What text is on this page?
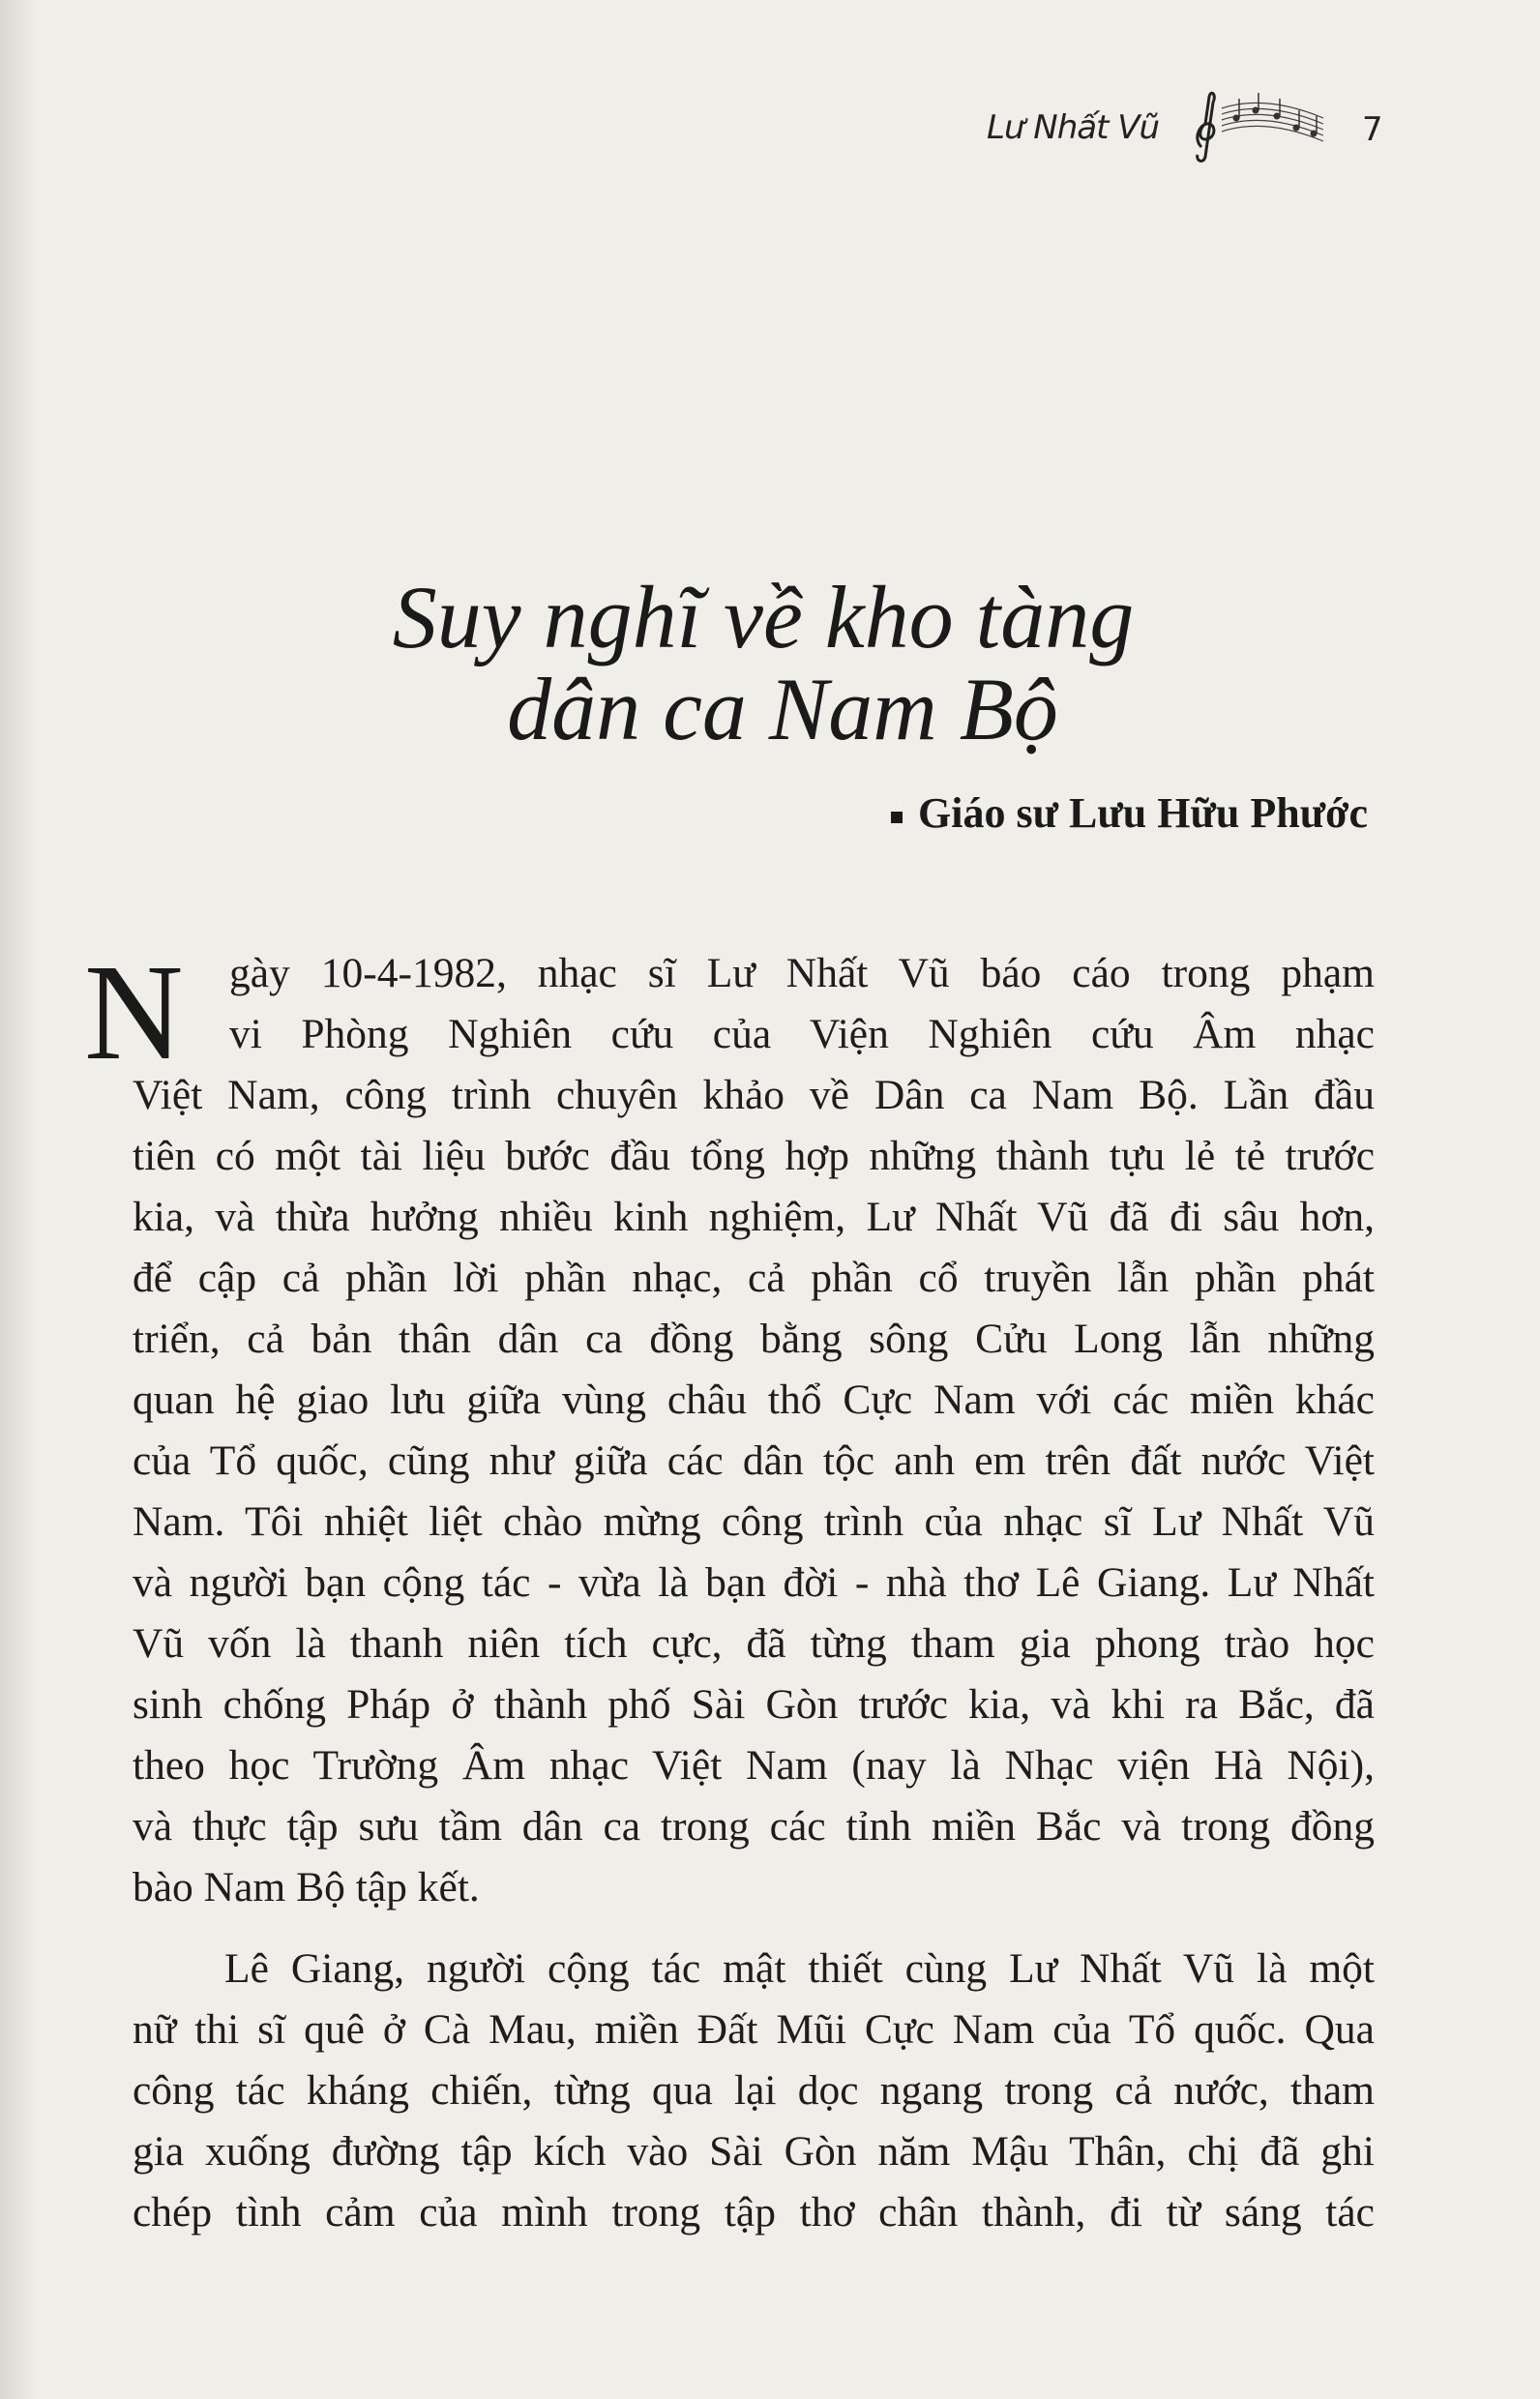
Lư Nhất Vũ	7
Suy nghĩ về kho tàng
dân ca Nam Bộ
Giáo sư Lưu Hữu Phước
N	gày 10-4-1982, nhạc sĩ Lư Nhất Vũ báo cáo trong phạm
vi Phòng Nghiên cứu của Viện Nghiên cứu Âm nhạc
Việt Nam, công trình chuyên khảo về Dân ca Nam Bộ. Lần đầu
tiên có một tài liệu bước đầu tổng hợp những thành tựu lẻ tẻ trước
kia, và thừa hưởng nhiều kinh nghiệm, Lư Nhất Vũ đã đi sâu hơn,
để cập cả phần lời phần nhạc, cả phần cổ truyền lẫn phần phát
triển, cả bản thân dân ca đồng bằng sông Cửu Long lẫn những
quan hệ giao lưu giữa vùng châu thổ Cực Nam với các miền khác
của Tổ quốc, cũng như giữa các dân tộc anh em trên đất nước Việt
Nam. Tôi nhiệt liệt chào mừng công trình của nhạc sĩ Lư Nhất Vũ
và người bạn cộng tác - vừa là bạn đời - nhà thơ Lê Giang. Lư Nhất
Vũ vốn là thanh niên tích cực, đã từng tham gia phong trào học
sinh chống Pháp ở thành phố Sài Gòn trước kia, và khi ra Bắc, đã
theo học Trường Âm nhạc Việt Nam (nay là Nhạc viện Hà Nội),
và thực tập sưu tầm dân ca trong các tỉnh miền Bắc và trong đồng
bào Nam Bộ tập kết.
Lê Giang, người cộng tác mật thiết cùng Lư Nhất Vũ là một
nữ thi sĩ quê ở Cà Mau, miền Đất Mũi Cực Nam của Tổ quốc. Qua
công tác kháng chiến, từng qua lại dọc ngang trong cả nước, tham
gia xuống đường tập kích vào Sài Gòn năm Mậu Thân, chị đã ghi
chép tình cảm của mình trong tập thơ chân thành, đi từ sáng tác
